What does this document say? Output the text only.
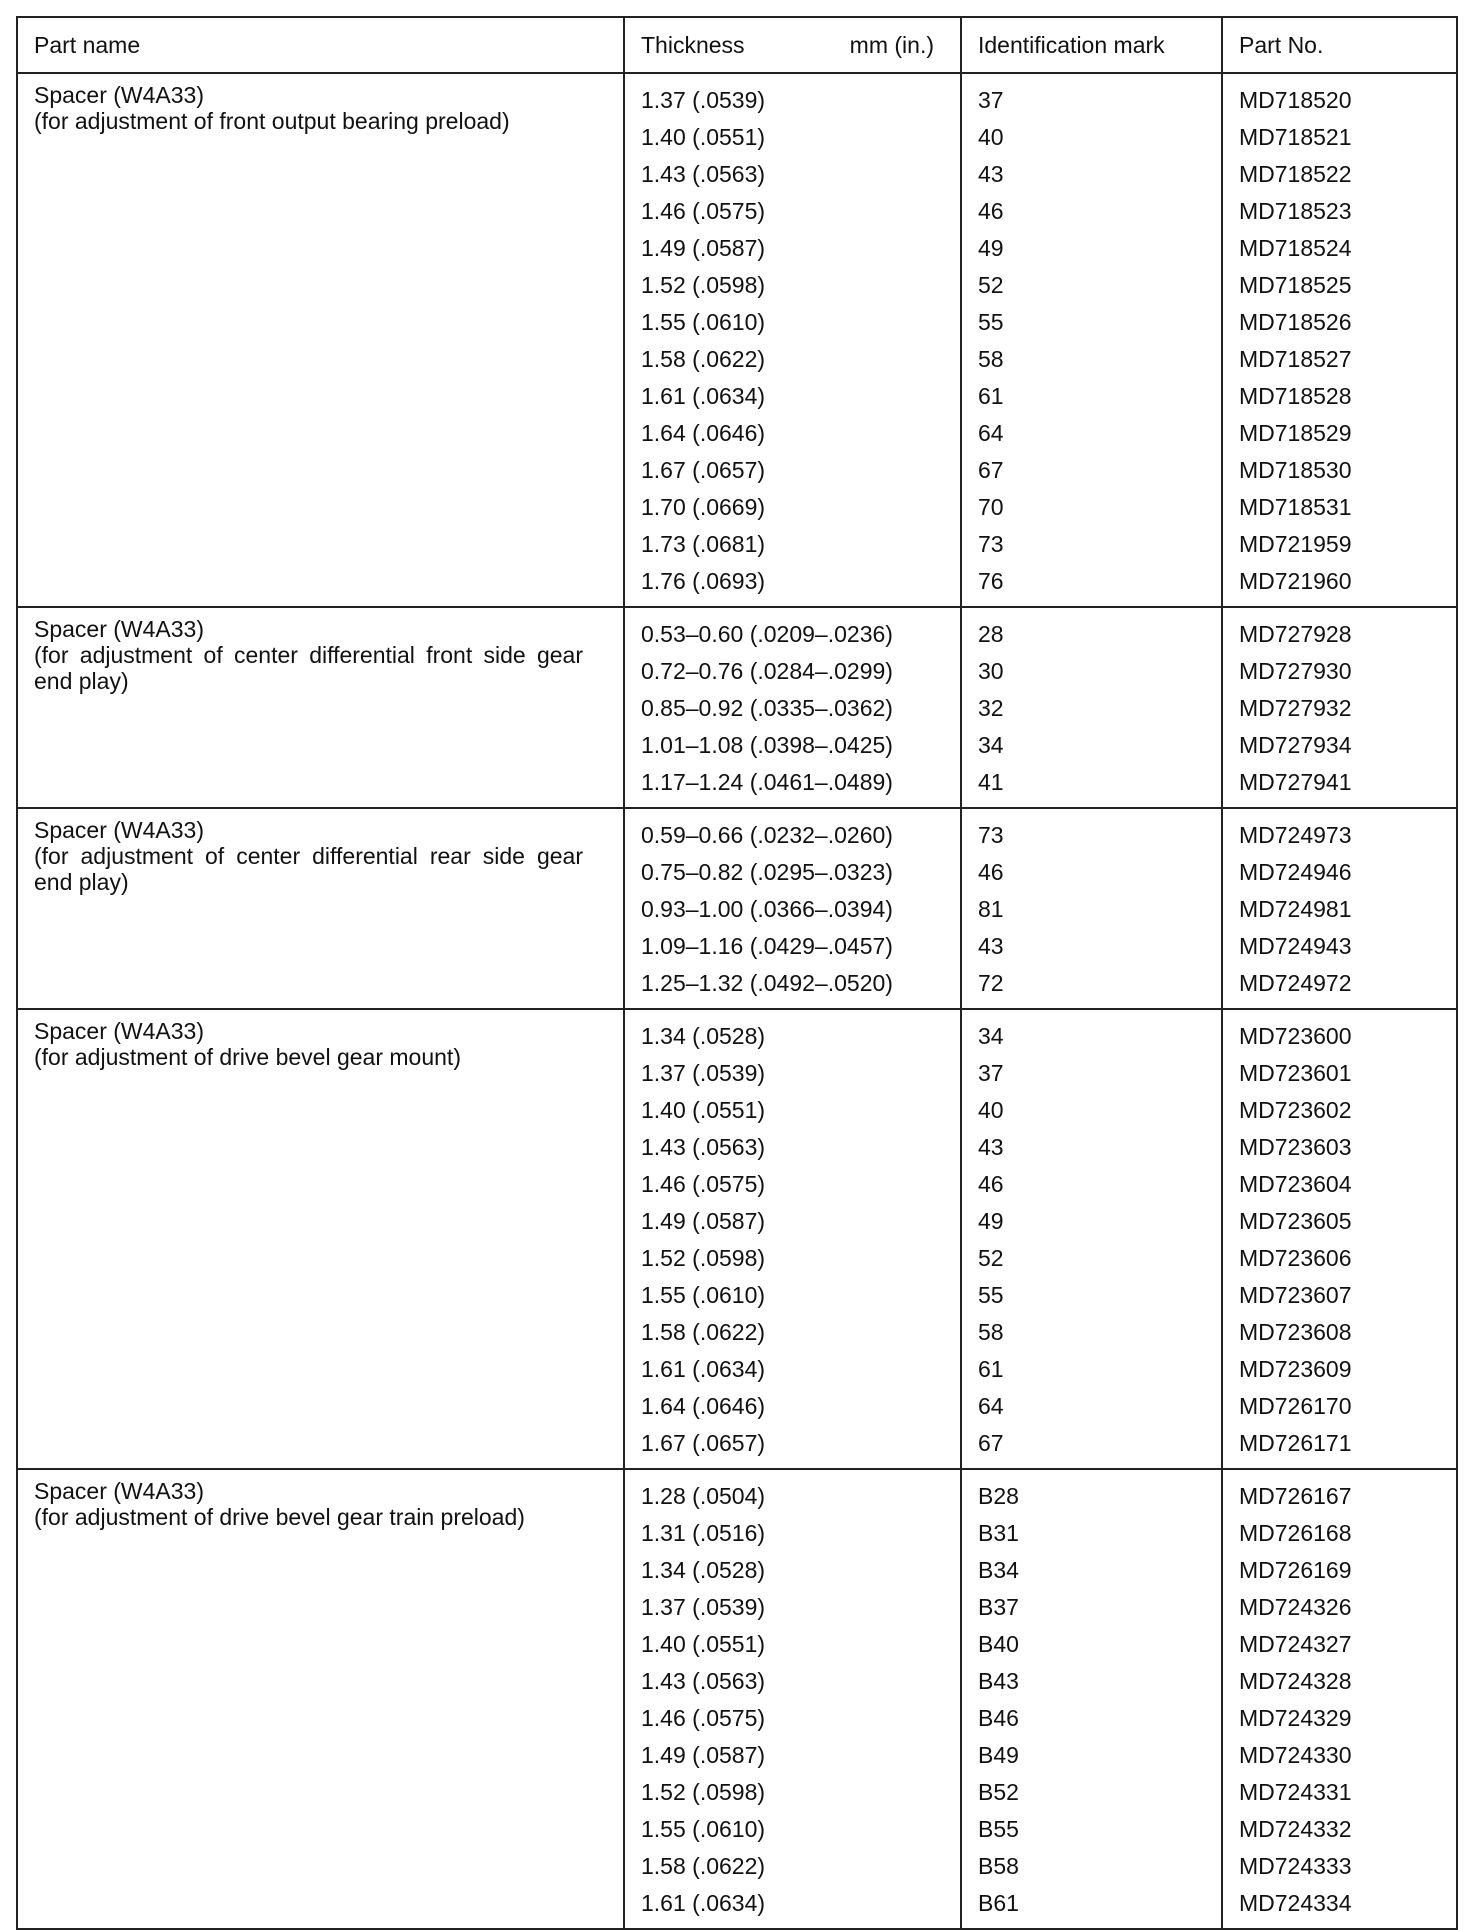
Part name	Thickness mm (in.)	Identification mark	Part No.

Spacer (W4A33)
(for adjustment of front output bearing preload)	1.37 (.0539)	37	MD718520
	1.40 (.0551)	40	MD718521
	1.43 (.0563)	43	MD718522
	1.46 (.0575)	46	MD718523
	1.49 (.0587)	49	MD718524
	1.52 (.0598)	52	MD718525
	1.55 (.0610)	55	MD718526
	1.58 (.0622)	58	MD718527
	1.61 (.0634)	61	MD718528
	1.64 (.0646)	64	MD718529
	1.67 (.0657)	67	MD718530
	1.70 (.0669)	70	MD718531
	1.73 (.0681)	73	MD721959
	1.76 (.0693)	76	MD721960

Spacer (W4A33)
(for adjustment of center differential front side gear end play)	0.53–0.60 (.0209–.0236)	28	MD727928
	0.72–0.76 (.0284–.0299)	30	MD727930
	0.85–0.92 (.0335–.0362)	32	MD727932
	1.01–1.08 (.0398–.0425)	34	MD727934
	1.17–1.24 (.0461–.0489)	41	MD727941

Spacer (W4A33)
(for adjustment of center differential rear side gear end play)	0.59–0.66 (.0232–.0260)	73	MD724973
	0.75–0.82 (.0295–.0323)	46	MD724946
	0.93–1.00 (.0366–.0394)	81	MD724981
	1.09–1.16 (.0429–.0457)	43	MD724943
	1.25–1.32 (.0492–.0520)	72	MD724972

Spacer (W4A33)
(for adjustment of drive bevel gear mount)	1.34 (.0528)	34	MD723600
	1.37 (.0539)	37	MD723601
	1.40 (.0551)	40	MD723602
	1.43 (.0563)	43	MD723603
	1.46 (.0575)	46	MD723604
	1.49 (.0587)	49	MD723605
	1.52 (.0598)	52	MD723606
	1.55 (.0610)	55	MD723607
	1.58 (.0622)	58	MD723608
	1.61 (.0634)	61	MD723609
	1.64 (.0646)	64	MD726170
	1.67 (.0657)	67	MD726171

Spacer (W4A33)
(for adjustment of drive bevel gear train preload)	1.28 (.0504)	B28	MD726167
	1.31 (.0516)	B31	MD726168
	1.34 (.0528)	B34	MD726169
	1.37 (.0539)	B37	MD724326
	1.40 (.0551)	B40	MD724327
	1.43 (.0563)	B43	MD724328
	1.46 (.0575)	B46	MD724329
	1.49 (.0587)	B49	MD724330
	1.52 (.0598)	B52	MD724331
	1.55 (.0610)	B55	MD724332
	1.58 (.0622)	B58	MD724333
	1.61 (.0634)	B61	MD724334
